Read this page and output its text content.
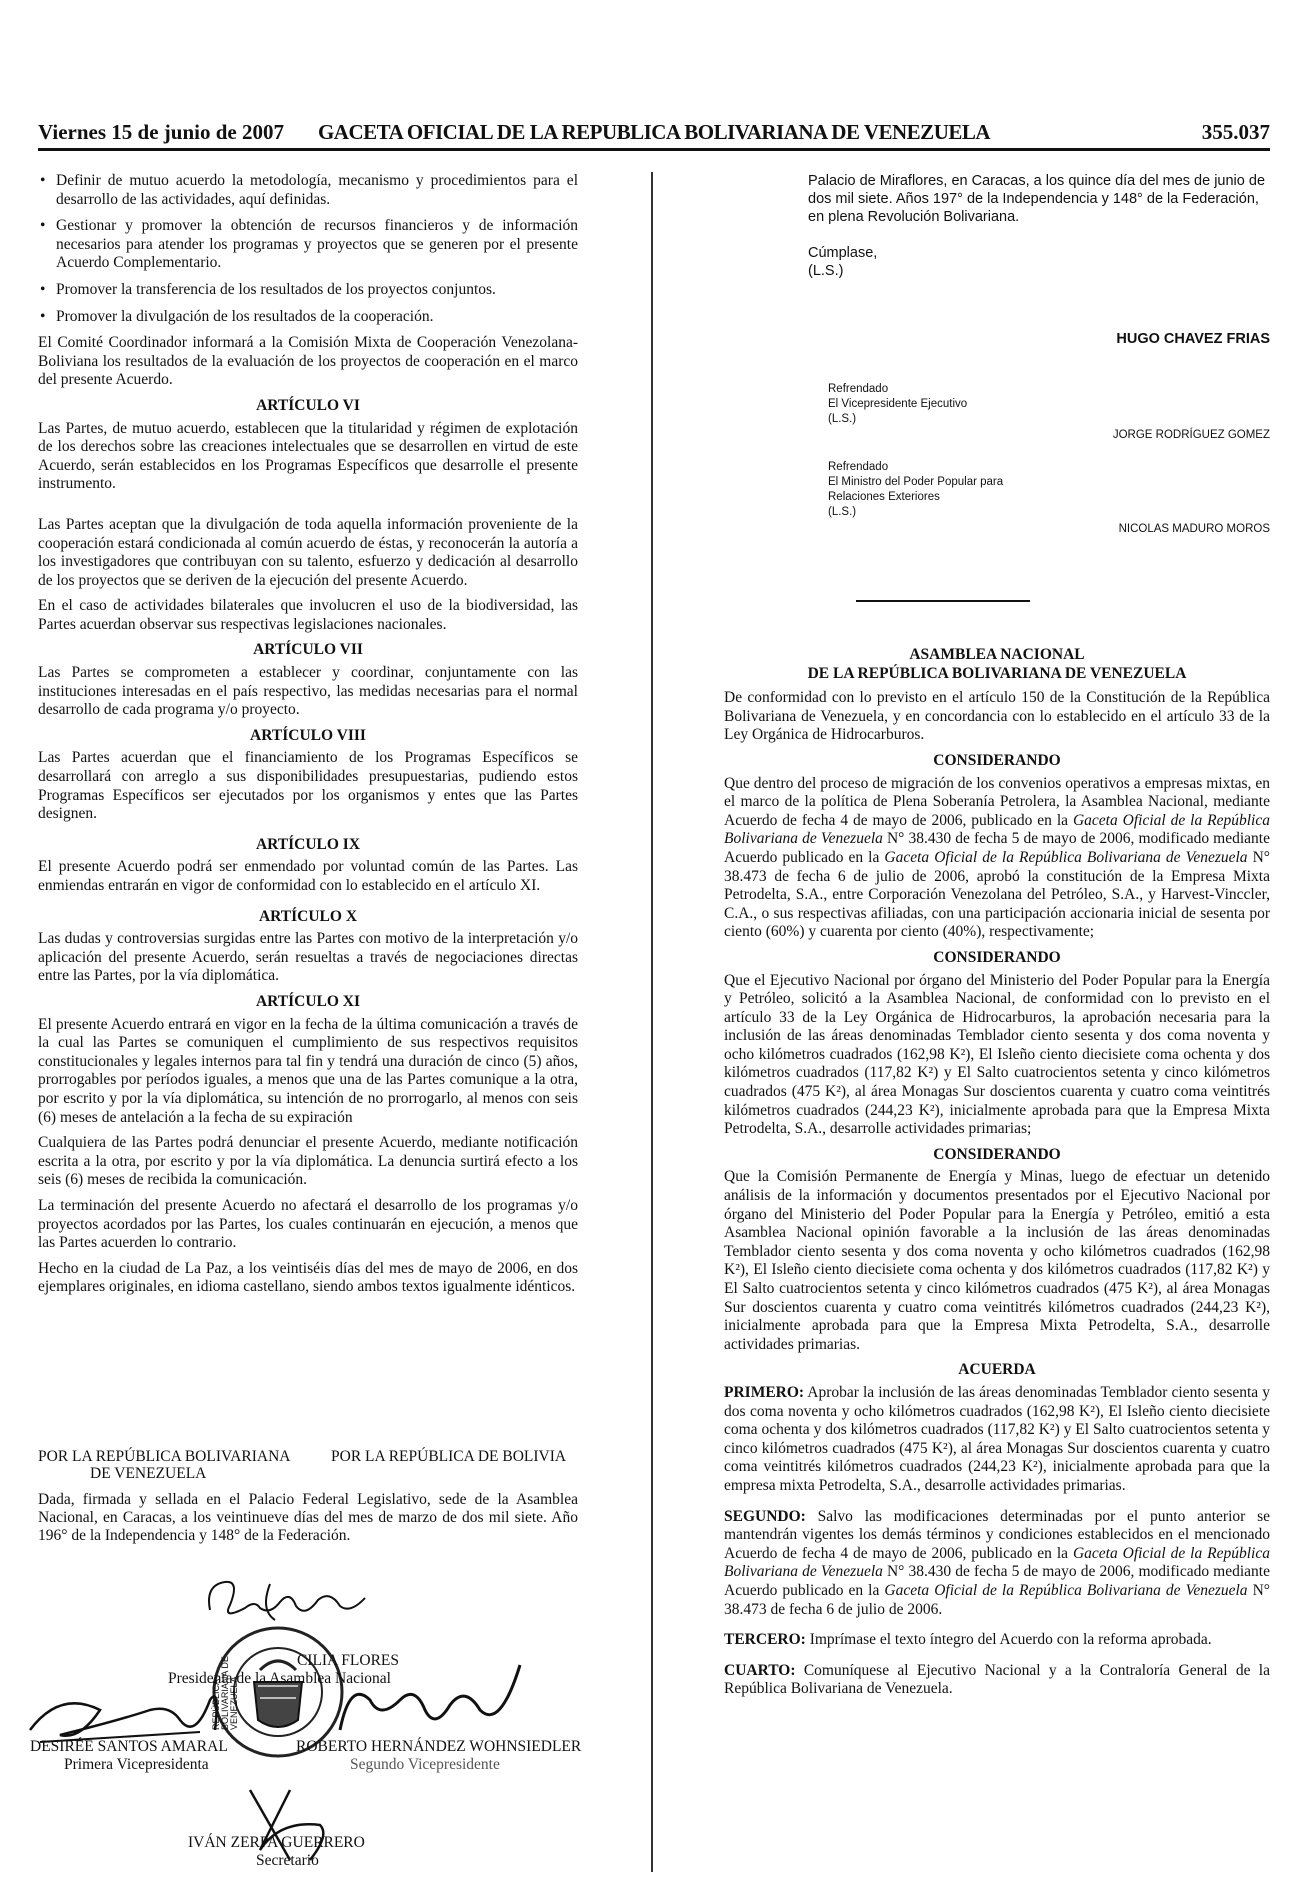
Viernes 15 de junio de 2007	GACETA OFICIAL DE LA REPUBLICA BOLIVARIANA DE VENEZUELA	355.037
• Definir de mutuo acuerdo la metodología, mecanismo y procedimientos para el desarrollo de las actividades, aquí definidas.
• Gestionar y promover la obtención de recursos financieros y de información necesarios para atender los programas y proyectos que se generen por el presente Acuerdo Complementario.
• Promover la transferencia de los resultados de los proyectos conjuntos.
• Promover la divulgación de los resultados de la cooperación.

El Comité Coordinador informará a la Comisión Mixta de Cooperación Venezolana-Boliviana los resultados de la evaluación de los proyectos de cooperación en el marco del presente Acuerdo.

ARTÍCULO VI

Las Partes, de mutuo acuerdo, establecen que la titularidad y régimen de explotación de los derechos sobre las creaciones intelectuales que se desarrollen en virtud de este Acuerdo, serán establecidos en los Programas Específicos que desarrolle el presente instrumento.

Las Partes aceptan que la divulgación de toda aquella información proveniente de la cooperación estará condicionada al común acuerdo de éstas, y reconocerán la autoría a los investigadores que contribuyan con su talento, esfuerzo y dedicación al desarrollo de los proyectos que se deriven de la ejecución del presente Acuerdo.

En el caso de actividades bilaterales que involucren el uso de la biodiversidad, las Partes acuerdan observar sus respectivas legislaciones nacionales.

ARTÍCULO VII

Las Partes se comprometen a establecer y coordinar, conjuntamente con las instituciones interesadas en el país respectivo, las medidas necesarias para el normal desarrollo de cada programa y/o proyecto.

ARTÍCULO VIII

Las Partes acuerdan que el financiamiento de los Programas Específicos se desarrollará con arreglo a sus disponibilidades presupuestarias, pudiendo estos Programas Específicos ser ejecutados por los organismos y entes que las Partes designen.

ARTÍCULO IX

El presente Acuerdo podrá ser enmendado por voluntad común de las Partes. Las enmiendas entrarán en vigor de conformidad con lo establecido en el artículo XI.

ARTÍCULO X

Las dudas y controversias surgidas entre las Partes con motivo de la interpretación y/o aplicación del presente Acuerdo, serán resueltas a través de negociaciones directas entre las Partes, por la vía diplomática.

ARTÍCULO XI

El presente Acuerdo entrará en vigor en la fecha de la última comunicación a través de la cual las Partes se comuniquen el cumplimiento de sus respectivos requisitos constitucionales y legales internos para tal fin y tendrá una duración de cinco (5) años, prorrogables por períodos iguales, a menos que una de las Partes comunique a la otra, por escrito y por la vía diplomática, su intención de no prorrogarlo, al menos con seis (6) meses de antelación a la fecha de su expiración

Cualquiera de las Partes podrá denunciar el presente Acuerdo, mediante notificación escrita a la otra, por escrito y por la vía diplomática. La denuncia surtirá efecto a los seis (6) meses de recibida la comunicación.

La terminación del presente Acuerdo no afectará el desarrollo de los programas y/o proyectos acordados por las Partes, los cuales continuarán en ejecución, a menos que las Partes acuerden lo contrario.

Hecho en la ciudad de La Paz, a los veintiséis días del mes de mayo de 2006, en dos ejemplares originales, en idioma castellano, siendo ambos textos igualmente idénticos.

POR LA REPÚBLICA BOLIVARIANA
DE VENEZUELA
POR LA REPÚBLICA DE BOLIVIA

Dada, firmada y sellada en el Palacio Federal Legislativo, sede de la Asamblea Nacional, en Caracas, a los veintinueve días del mes de marzo de dos mil siete. Año 196° de la Independencia y 148° de la Federación.

REPÚBLICA BOLIVARIANA DE VENEZUELA
CILIA FLORES
Presidenta de la Asamblea Nacional
DESIRÉE SANTOS AMARAL
Primera Vicepresidenta
ROBERTO HERNÁNDEZ WOHNSIEDLER
Segundo Vicepresidente
IVÁN ZERPA GUERRERO
Secretario

Palacio de Miraflores, en Caracas, a los quince día del mes de junio de dos mil siete. Años 197° de la Independencia y 148° de la Federación, en plena Revolución Bolivariana.

Cúmplase,
(L.S.)
HUGO CHAVEZ FRIAS
Refrendado
El Vicepresidente Ejecutivo
(L.S.)
JORGE RODRÍGUEZ GOMEZ
Refrendado
El Ministro del Poder Popular para
Relaciones Exteriores
(L.S.)
NICOLAS MADURO MOROS
ASAMBLEA NACIONAL
DE LA REPÚBLICA BOLIVARIANA DE VENEZUELA

De conformidad con lo previsto en el artículo 150 de la Constitución de la República Bolivariana de Venezuela, y en concordancia con lo establecido en el artículo 33 de la Ley Orgánica de Hidrocarburos.

CONSIDERANDO

Que dentro del proceso de migración de los convenios operativos a empresas mixtas, en el marco de la política de Plena Soberanía Petrolera, la Asamblea Nacional, mediante Acuerdo de fecha 4 de mayo de 2006, publicado en la Gaceta Oficial de la República Bolivariana de Venezuela N° 38.430 de fecha 5 de mayo de 2006, modificado mediante Acuerdo publicado en la Gaceta Oficial de la República Bolivariana de Venezuela N° 38.473 de fecha 6 de julio de 2006, aprobó la constitución de la Empresa Mixta Petrodelta, S.A., entre Corporación Venezolana del Petróleo, S.A., y Harvest-Vinccler, C.A., o sus respectivas afiliadas, con una participación accionaria inicial de sesenta por ciento (60%) y cuarenta por ciento (40%), respectivamente;

CONSIDERANDO

Que el Ejecutivo Nacional por órgano del Ministerio del Poder Popular para la Energía y Petróleo, solicitó a la Asamblea Nacional, de conformidad con lo previsto en el artículo 33 de la Ley Orgánica de Hidrocarburos, la aprobación necesaria para la inclusión de las áreas denominadas Temblador ciento sesenta y dos coma noventa y ocho kilómetros cuadrados (162,98 K²), El Isleño ciento diecisiete coma ochenta y dos kilómetros cuadrados (117,82 K²) y El Salto cuatrocientos setenta y cinco kilómetros cuadrados (475 K²), al área Monagas Sur doscientos cuarenta y cuatro coma veintitrés kilómetros cuadrados (244,23 K²), inicialmente aprobada para que la Empresa Mixta Petrodelta, S.A., desarrolle actividades primarias;

CONSIDERANDO

Que la Comisión Permanente de Energía y Minas, luego de efectuar un detenido análisis de la información y documentos presentados por el Ejecutivo Nacional por órgano del Ministerio del Poder Popular para la Energía y Petróleo, emitió a esta Asamblea Nacional opinión favorable a la inclusión de las áreas denominadas Temblador ciento sesenta y dos coma noventa y ocho kilómetros cuadrados (162,98 K²), El Isleño ciento diecisiete coma ochenta y dos kilómetros cuadrados (117,82 K²) y El Salto cuatrocientos setenta y cinco kilómetros cuadrados (475 K²), al área Monagas Sur doscientos cuarenta y cuatro coma veintitrés kilómetros cuadrados (244,23 K²), inicialmente aprobada para que la Empresa Mixta Petrodelta, S.A., desarrolle actividades primarias.

ACUERDA

PRIMERO: Aprobar la inclusión de las áreas denominadas Temblador ciento sesenta y dos coma noventa y ocho kilómetros cuadrados (162,98 K²), El Isleño ciento diecisiete coma ochenta y dos kilómetros cuadrados (117,82 K²) y El Salto cuatrocientos setenta y cinco kilómetros cuadrados (475 K²), al área Monagas Sur doscientos cuarenta y cuatro coma veintitrés kilómetros cuadrados (244,23 K²), inicialmente aprobada para que la empresa mixta Petrodelta, S.A., desarrolle actividades primarias.

SEGUNDO: Salvo las modificaciones determinadas por el punto anterior se mantendrán vigentes los demás términos y condiciones establecidos en el mencionado Acuerdo de fecha 4 de mayo de 2006, publicado en la Gaceta Oficial de la República Bolivariana de Venezuela N° 38.430 de fecha 5 de mayo de 2006, modificado mediante Acuerdo publicado en la Gaceta Oficial de la República Bolivariana de Venezuela N° 38.473 de fecha 6 de julio de 2006.

TERCERO: Imprímase el texto íntegro del Acuerdo con la reforma aprobada.

CUARTO: Comuníquese al Ejecutivo Nacional y a la Contraloría General de la República Bolivariana de Venezuela.
